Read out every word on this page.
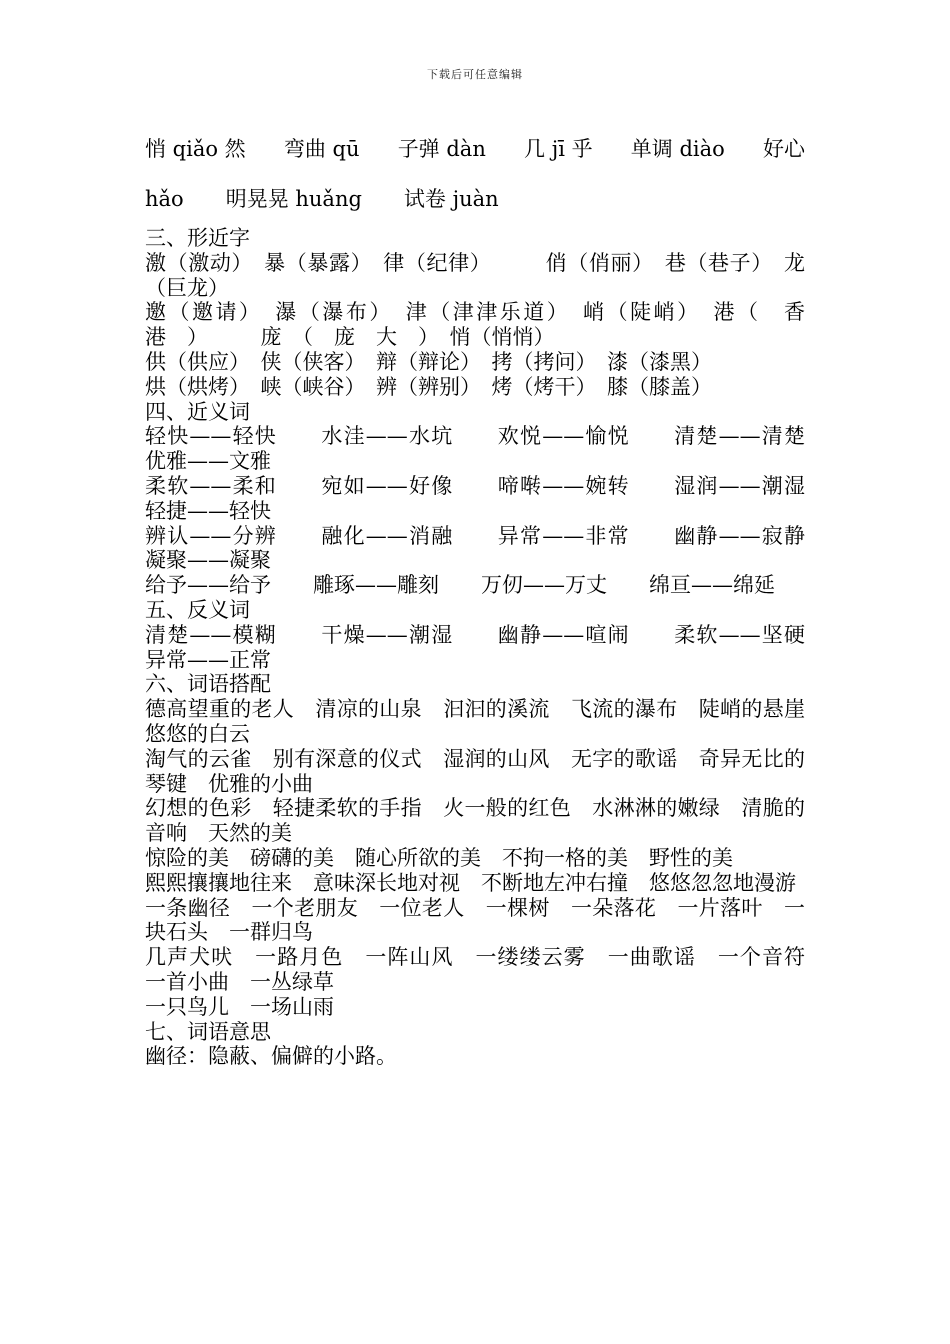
下载后可任意编辑
悄 qiǎo 然 弯曲 qū 子弹 dàn 几 jī 乎 单调 diào 好心
hǎo 明晃晃 huǎng 试卷 juàn
三、形近字
激（激动）　暴（暴露）　律（纪律）　　　俏（俏丽）　巷（巷子）　龙（巨龙）
邀（邀请）　瀑（瀑布）　津（津津乐道）　峭（陡峭）　港（　香　港　）　　　庞　（　庞　大　）　悄（悄悄）
供（供应）　侠（侠客）　辩（辩论）　拷（拷问）　漆（漆黑）
烘（烘烤）　峡（峡谷）　辨（辨别）　烤（烤干）　膝（膝盖）
四、近义词
轻快——轻快　　水洼——水坑　　欢悦——愉悦　　清楚——清楚　　优雅——文雅
柔软——柔和　　宛如——好像　　啼啭——婉转　　湿润——潮湿　　轻捷——轻快
辨认——分辨　　融化——消融　　异常——非常　　幽静——寂静　　凝聚——凝聚
给予——给予　　雕琢——雕刻　　万仞——万丈　　绵亘——绵延
五、反义词
清楚——模糊　　干燥——潮湿　　幽静——喧闹　　柔软——坚硬　　异常——正常
六、词语搭配
德高望重的老人　清凉的山泉　汩汩的溪流　飞流的瀑布　陡峭的悬崖　悠悠的白云
淘气的云雀　别有深意的仪式　湿润的山风　无字的歌谣　奇异无比的琴键　优雅的小曲
幻想的色彩　轻捷柔软的手指　火一般的红色　水淋淋的嫩绿　清脆的音响　天然的美
惊险的美　磅礴的美　随心所欲的美　不拘一格的美　野性的美
熙熙攘攘地往来　意味深长地对视　不断地左冲右撞　悠悠忽忽地漫游
一条幽径　一个老朋友　一位老人　一棵树　一朵落花　一片落叶　一块石头　一群归鸟
几声犬吠　一路月色　一阵山风　一缕缕云雾　一曲歌谣　一个音符　一首小曲　一丛绿草
一只鸟儿　一场山雨
七、词语意思
幽径：隐蔽、偏僻的小路。
